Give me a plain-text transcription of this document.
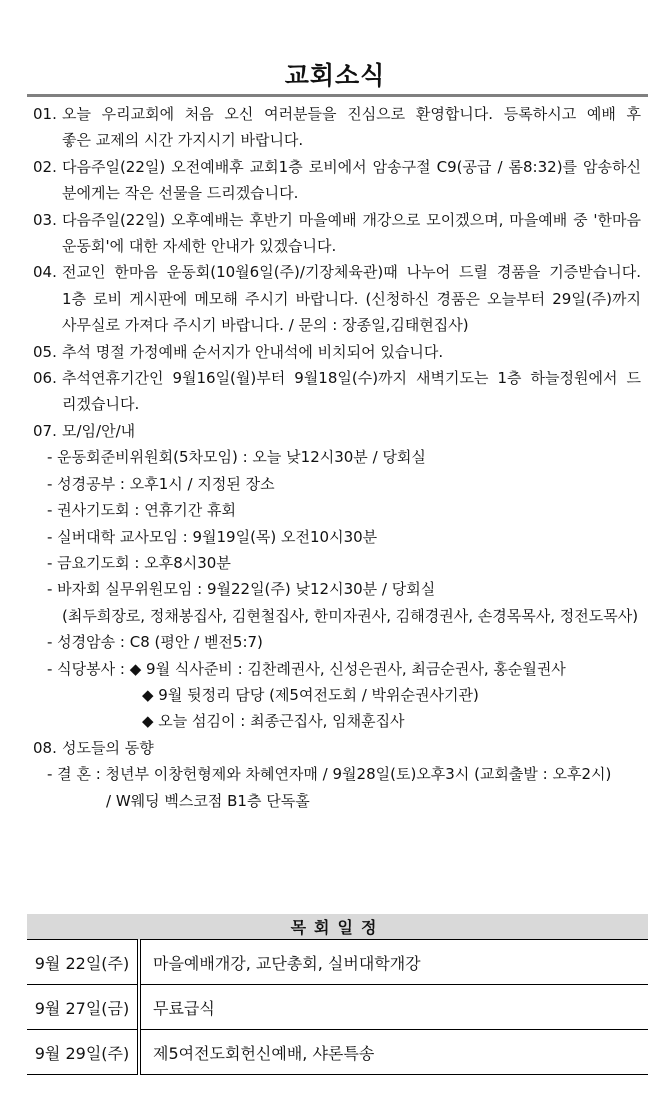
교회소식
01. 오늘 우리교회에 처음 오신 여러분들을 진심으로 환영합니다. 등록하시고 예배 후
좋은 교제의 시간 가지시기 바랍니다.
02. 다음주일(22일) 오전예배후 교회1층 로비에서 암송구절 C9(공급 / 롬8:32)를 암송하신
분에게는 작은 선물을 드리겠습니다.
03. 다음주일(22일) 오후예배는 후반기 마을예배 개강으로 모이겠으며, 마을예배 중 '한마음
운동회'에 대한 자세한 안내가 있겠습니다.
04. 전교인 한마음 운동회(10월6일(주)/기장체육관)때 나누어 드릴 경품을 기증받습니다.
1층 로비 게시판에 메모해 주시기 바랍니다. (신청하신 경품은 오늘부터 29일(주)까지
사무실로 가져다 주시기 바랍니다. / 문의 : 장종일,김태현집사)
05. 추석 명절 가정예배 순서지가 안내석에 비치되어 있습니다.
06. 추석연휴기간인 9월16일(월)부터 9월18일(수)까지 새벽기도는 1층 하늘정원에서 드
리겠습니다.
07. 모/임/안/내
- 운동회준비위원회(5차모임) : 오늘 낮12시30분 / 당회실
- 성경공부 : 오후1시 / 지정된 장소
- 권사기도회 : 연휴기간 휴회
- 실버대학 교사모임 : 9월19일(목) 오전10시30분
- 금요기도회 : 오후8시30분
- 바자회 실무위원모임 : 9월22일(주) 낮12시30분 / 당회실
(최두희장로, 정채봉집사, 김현철집사, 한미자권사, 김해경권사, 손경목목사, 정전도목사)
- 성경암송 : C8 (평안 / 벧전5:7)
- 식당봉사 : ◆ 9월 식사준비 : 김찬례권사, 신성은권사, 최금순권사, 홍순월권사
◆ 9월 뒷정리 담당 (제5여전도회 / 박위순권사기관)
◆ 오늘 섬김이 : 최종근집사, 임채훈집사
08. 성도들의 동향
- 결 혼 : 청년부 이창헌형제와 차혜연자매 / 9월28일(토)오후3시 (교회출발 : 오후2시)
/ W웨딩 벡스코점 B1층 단독홀
목회일정	
9월 22일(주)	마을예배개강, 교단총회, 실버대학개강
9월 27일(금)	무료급식
9월 29일(주)	제5여전도회헌신예배, 샤론특송
